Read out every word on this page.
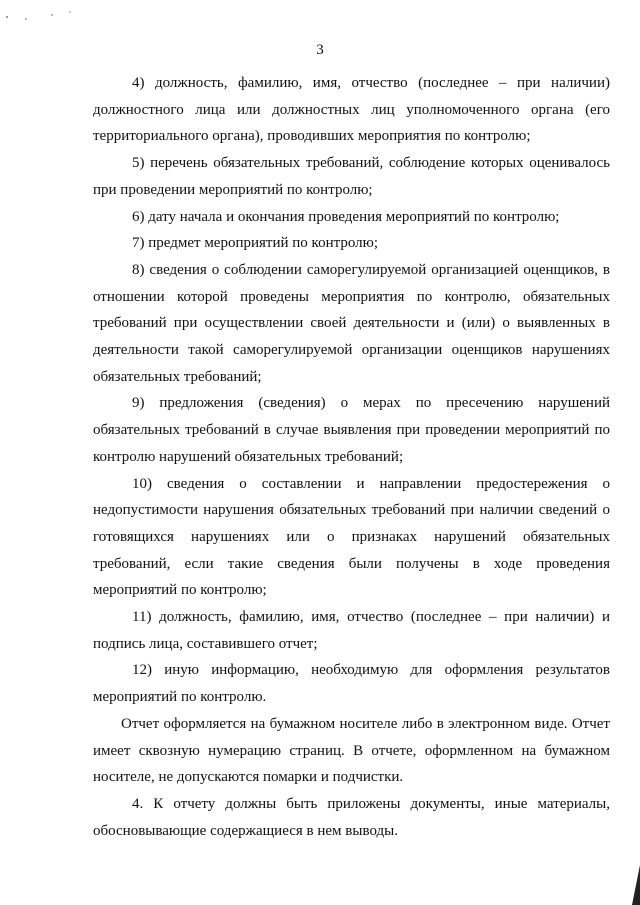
3

4) должность, фамилию, имя, отчество (последнее – при наличии) должностного лица или должностных лиц уполномоченного органа (его территориального органа), проводивших мероприятия по контролю;

5) перечень обязательных требований, соблюдение которых оценивалось при проведении мероприятий по контролю;

6) дату начала и окончания проведения мероприятий по контролю;

7) предмет мероприятий по контролю;

8) сведения о соблюдении саморегулируемой организацией оценщиков, в отношении которой проведены мероприятия по контролю, обязательных требований при осуществлении своей деятельности и (или) о выявленных в деятельности такой саморегулируемой организации оценщиков нарушениях обязательных требований;

9) предложения (сведения) о мерах по пресечению нарушений обязательных требований в случае выявления при проведении мероприятий по контролю нарушений обязательных требований;

10) сведения о составлении и направлении предостережения о недопустимости нарушения обязательных требований при наличии сведений о готовящихся нарушениях или о признаках нарушений обязательных требований, если такие сведения были получены в ходе проведения мероприятий по контролю;

11) должность, фамилию, имя, отчество (последнее – при наличии) и подпись лица, составившего отчет;

12) иную информацию, необходимую для оформления результатов мероприятий по контролю.

Отчет оформляется на бумажном носителе либо в электронном виде. Отчет имеет сквозную нумерацию страниц. В отчете, оформленном на бумажном носителе, не допускаются помарки и подчистки.

4. К отчету должны быть приложены документы, иные материалы, обосновывающие содержащиеся в нем выводы.
